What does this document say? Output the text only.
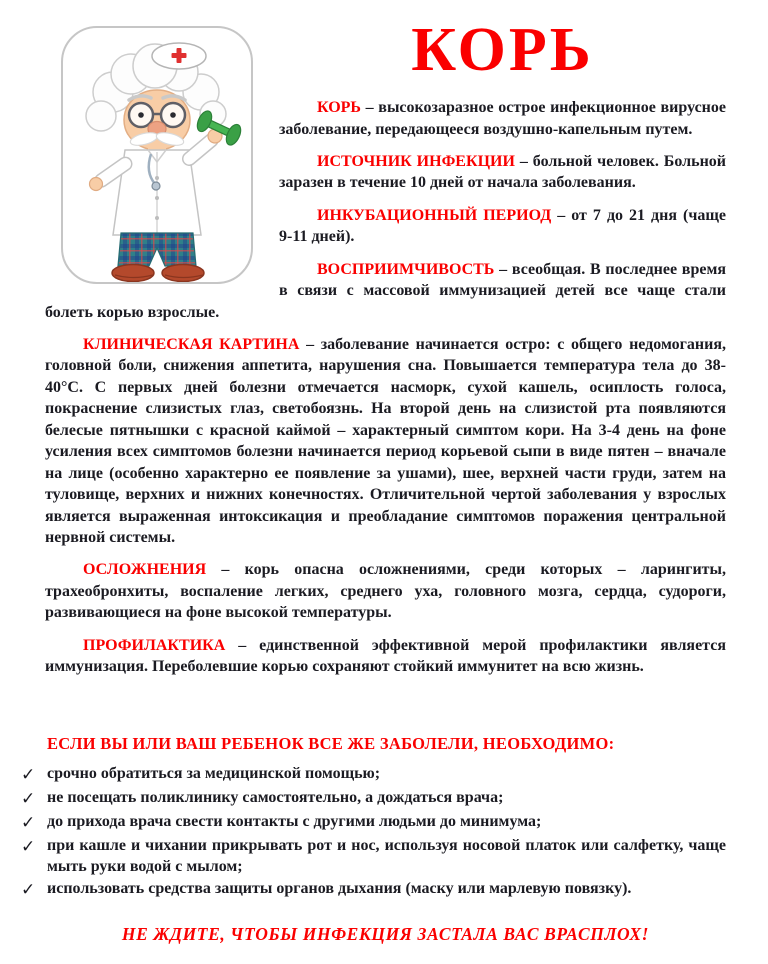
КОРЬ

КОРЬ – высокозаразное острое инфекционное вирусное заболевание, передающееся воздушно-капельным путем.

ИСТОЧНИК ИНФЕКЦИИ – больной человек. Больной заразен в течение 10 дней от начала заболевания.

ИНКУБАЦИОННЫЙ ПЕРИОД – от 7 до 21 дня (чаще 9-11 дней).

ВОСПРИИМЧИВОСТЬ – всеобщая. В последнее время в связи с массовой иммунизацией детей все чаще стали болеть корью взрослые.

КЛИНИЧЕСКАЯ КАРТИНА – заболевание начинается остро: с общего недомогания, головной боли, снижения аппетита, нарушения сна. Повышается температура тела до 38-40°С. С первых дней болезни отмечается насморк, сухой кашель, осиплость голоса, покраснение слизистых глаз, светобоязнь. На второй день на слизистой рта появляются белесые пятнышки с красной каймой – характерный симптом кори. На 3-4 день на фоне усиления всех симптомов болезни начинается период корьевой сыпи в виде пятен – вначале на лице (особенно характерно ее появление за ушами), шее, верхней части груди, затем на туловище, верхних и нижних конечностях. Отличительной чертой заболевания у взрослых является выраженная интоксикация и преобладание симптомов поражения центральной нервной системы.

ОСЛОЖНЕНИЯ – корь опасна осложнениями, среди которых – ларингиты, трахеобронхиты, воспаление легких, среднего уха, головного мозга, сердца, судороги, развивающиеся на фоне высокой температуры.

ПРОФИЛАКТИКА – единственной эффективной мерой профилактики является иммунизация. Переболевшие корью сохраняют стойкий иммунитет на всю жизнь.

ЕСЛИ ВЫ ИЛИ ВАШ РЕБЕНОК ВСЕ ЖЕ ЗАБОЛЕЛИ, НЕОБХОДИМО:
✓ срочно обратиться за медицинской помощью;
✓ не посещать поликлинику самостоятельно, а дождаться врача;
✓ до прихода врача свести контакты с другими людьми до минимума;
✓ при кашле и чихании прикрывать рот и нос, используя носовой платок или салфетку, чаще мыть руки водой с мылом;
✓ использовать средства защиты органов дыхания (маску или марлевую повязку).
НЕ ЖДИТЕ, ЧТОБЫ ИНФЕКЦИЯ ЗАСТАЛА ВАС ВРАСПЛОХ!
